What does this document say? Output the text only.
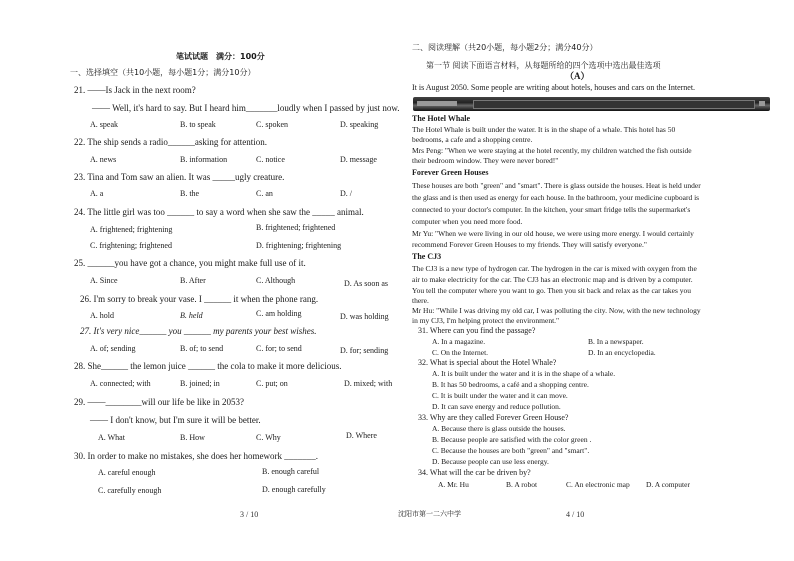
笔试试题　满分：100分
一、选择填空（共10小题，每小题1分；满分10分）
21. ——Is Jack in the next room?
—— Well, it's hard to say. But I heard him_______loudly when I passed by just now.
A. speak	B. to speak	C. spoken	D. speaking
22. The ship sends a radio______asking for attention.
A. news	B. information	C. notice	D. message
23. Tina and Tom saw an alien. It was _____ugly creature.
A. a	B. the	C. an	D. /
24. The little girl was too ______ to say a word when she saw the _____ animal.
A. frightened; frightening	B. frightened; frightened
C. frightening; frightened	D. frightening; frightening
25. ______you have got a chance, you might make full use of it.
A. Since	B. After	C. Although	D. As soon as
26. I'm sorry to break your vase. I ______ it when the phone rang.
A. hold	B. held	C. am holding	D. was holding
27. It's very nice______ you ______ my parents your best wishes.
A. of; sending	B. of; to send	C. for; to send	D. for; sending
28. She______ the lemon juice ______ the cola to make it more delicious.
A. connected; with	B. joined; in	C. put; on	D. mixed; with
29. ——________will our life be like in 2053?
—— I don't know, but I'm sure it will be better.
A. What	B. How	C. Why	D. Where
30. In order to make no mistakes, she does her homework _______.
A. careful enough	B. enough careful
C. carefully enough	D. enough carefully
3 / 10
二、阅读理解（共20小题，每小题2分；满分40分）
第一节 阅读下面语言材料，从每题所给的四个选项中选出最佳选项
（A）
It is August 2050. Some people are writing about hotels, houses and cars on the Internet.
The Hotel Whale
The Hotel Whale is built under the water. It is in the shape of a whale. This hotel has 50
bedrooms, a cafe and a shopping centre.
Mrs Peng: "When we were staying at the hotel recently, my children watched the fish outside
their bedroom window. They were never bored!"
Forever Green Houses
These houses are both "green" and "smart". There is glass outside the houses. Heat is held under
the glass and is then used as energy for each house. In the bathroom, your medicine cupboard is
connected to your doctor's computer. In the kitchen, your smart fridge tells the supermarket's
computer when you need more food.
Mr Yu: "When we were living in our old house, we were using more energy. I would certainly
recommend Forever Green Houses to my friends. They will satisfy everyone."
The CJ3
The CJ3 is a new type of hydrogen car. The hydrogen in the car is mixed with oxygen from the
air to make electricity for the car. The CJ3 has an electronic map and is driven by a computer.
You tell the computer where you want to go. Then you sit back and relax as the car takes you
there.
Mr Hu: "While I was driving my old car, I was polluting the city. Now, with the new technology
in my CJ3, I'm helping protect the environment."
31. Where can you find the passage?
A. In a magazine.	B. In a newspaper.
C. On the Internet.	D. In an encyclopedia.
32. What is special about the Hotel Whale?
A. It is built under the water and it is in the shape of a whale.
B. It has 50 bedrooms, a café and a shopping centre.
C. It is built under the water and it can move.
D. It can save energy and reduce pollution.
33. Why are they called Forever Green House?
A. Because there is glass outside the houses.
B. Because people are satisfied with the color green .
C. Because the houses are both "green" and "smart".
D. Because people can use less energy.
34. What will the car be driven by?
A. Mr. Hu	B. A robot	C. An electronic map D. A computer
沈阳市第一二六中学	4 / 10
